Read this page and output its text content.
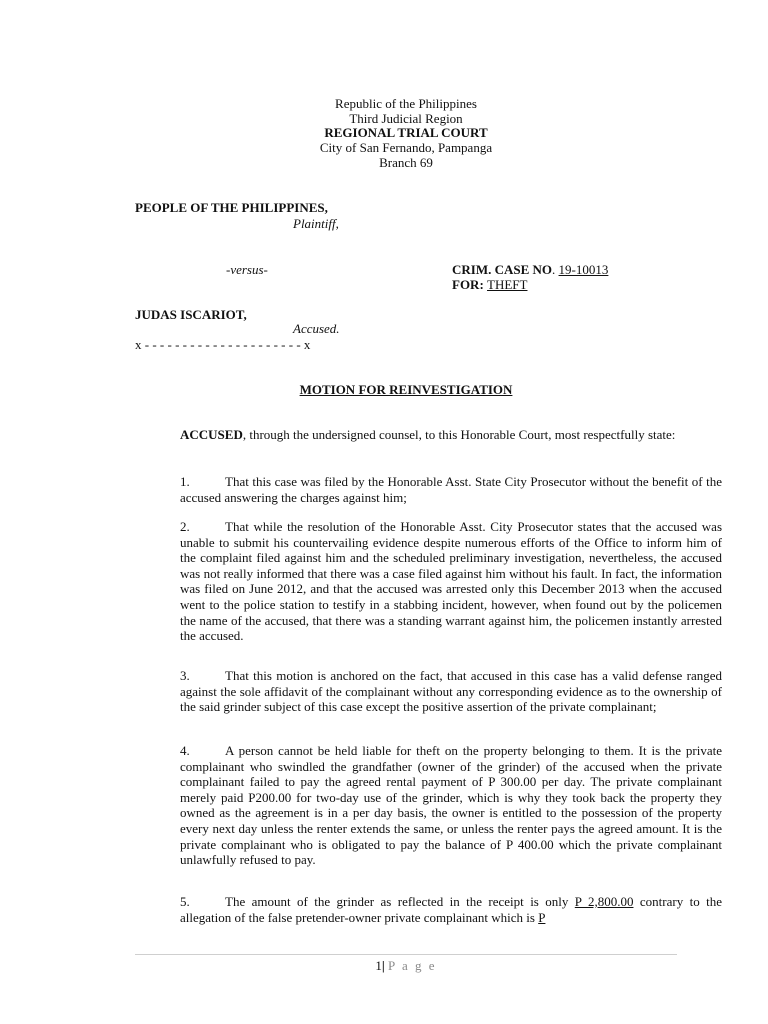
Republic of the Philippines
Third Judicial Region
REGIONAL TRIAL COURT
City of San Fernando, Pampanga
Branch 69
PEOPLE OF THE PHILIPPINES,
Plaintiff,
-versus-	CRIM. CASE NO. 19-10013
FOR: THEFT
JUDAS ISCARIOT,
Accused.
x - - - - - - - - - - - - - - - - - - - - - x
MOTION FOR REINVESTIGATION

ACCUSED, through the undersigned counsel, to this Honorable Court, most respectfully state:

1.	That this case was filed by the Honorable Asst. State City Prosecutor without the benefit of the accused answering the charges against him;

2.	That while the resolution of the Honorable Asst. City Prosecutor states that the accused was unable to submit his countervailing evidence despite numerous efforts of the Office to inform him of the complaint filed against him and the scheduled preliminary investigation, nevertheless, the accused was not really informed that there was a case filed against him without his fault. In fact, the information was filed on June 2012, and that the accused was arrested only this December 2013 when the accused went to the police station to testify in a stabbing incident, however, when found out by the policemen the name of the accused, that there was a standing warrant against him, the policemen instantly arrested the accused.

3.	That this motion is anchored on the fact, that accused in this case has a valid defense ranged against the sole affidavit of the complainant without any corresponding evidence as to the ownership of the said grinder subject of this case except the positive assertion of the private complainant;

4.	A person cannot be held liable for theft on the property belonging to them. It is the private complainant who swindled the grandfather (owner of the grinder) of the accused when the private complainant failed to pay the agreed rental payment of P 300.00 per day. The private complainant merely paid P200.00 for two-day use of the grinder, which is why they took back the property they owned as the agreement is in a per day basis, the owner is entitled to the possession of the property every next day unless the renter extends the same, or unless the renter pays the agreed amount. It is the private complainant who is obligated to pay the balance of P 400.00 which the private complainant unlawfully refused to pay.

5.	The amount of the grinder as reflected in the receipt is only P 2,800.00 contrary to the allegation of the false pretender-owner private complainant which is P

1| P a g e
